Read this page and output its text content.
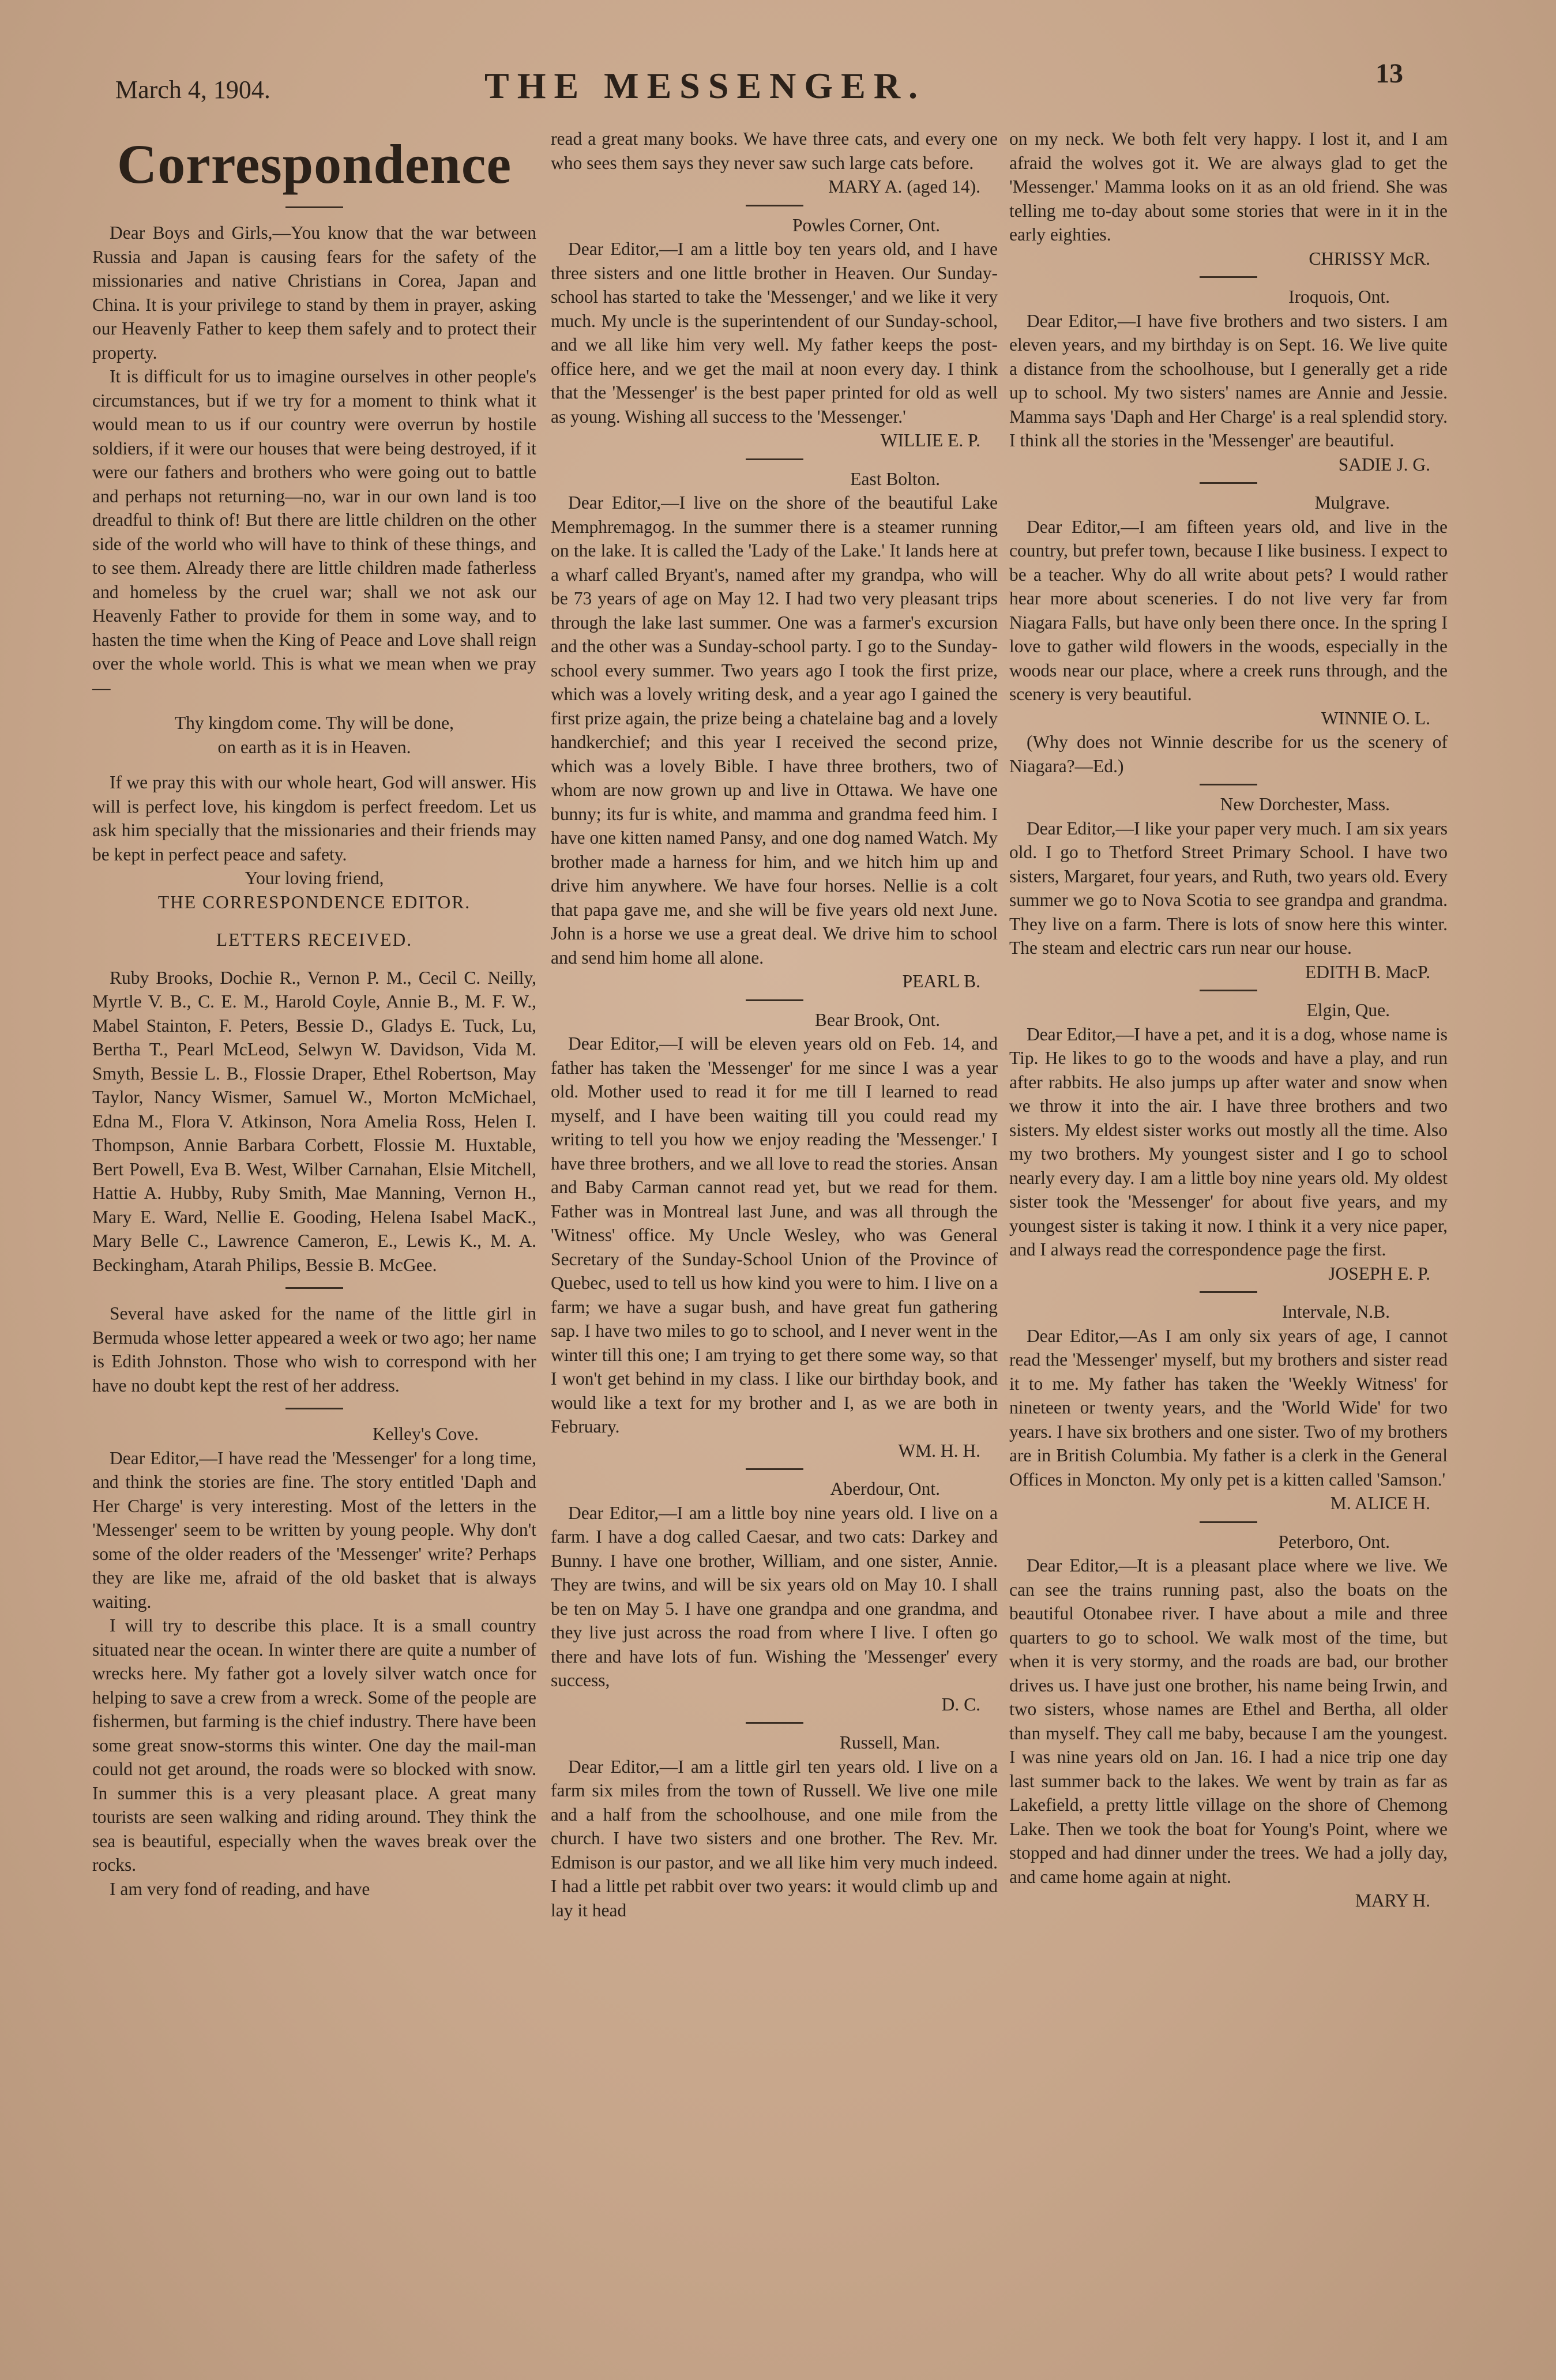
March 4, 1904.	THE MESSENGER.	13
Correspondence

Dear Boys and Girls,—You know that the war between Russia and Japan is causing fears for the safety of the missionaries and native Christians in Corea, Japan and China. It is your privilege to stand by them in prayer, asking our Heavenly Father to keep them safely and to protect their property.

It is difficult for us to imagine ourselves in other people's circumstances, but if we try for a moment to think what it would mean to us if our country were overrun by hostile soldiers, if it were our houses that were being destroyed, if it were our fathers and brothers who were going out to battle and perhaps not returning—no, war in our own land is too dreadful to think of! But there are little children on the other side of the world who will have to think of these things, and to see them. Already there are little children made fatherless and homeless by the cruel war; shall we not ask our Heavenly Father to provide for them in some way, and to hasten the time when the King of Peace and Love shall reign over the whole world. This is what we mean when we pray—

Thy kingdom come. Thy will be done,
on earth as it is in Heaven.

If we pray this with our whole heart, God will answer. His will is perfect love, his kingdom is perfect freedom. Let us ask him specially that the missionaries and their friends may be kept in perfect peace and safety.

Your loving friend,

THE CORRESPONDENCE EDITOR.

LETTERS RECEIVED.

Ruby Brooks, Dochie R., Vernon P. M., Cecil C. Neilly, Myrtle V. B., C. E. M., Harold Coyle, Annie B., M. F. W., Mabel Stainton, F. Peters, Bessie D., Gladys E. Tuck, Lu, Bertha T., Pearl McLeod, Selwyn W. Davidson, Vida M. Smyth, Bessie L. B., Flossie Draper, Ethel Robertson, May Taylor, Nancy Wismer, Samuel W., Morton McMichael, Edna M., Flora V. Atkinson, Nora Amelia Ross, Helen I. Thompson, Annie Barbara Corbett, Flossie M. Huxtable, Bert Powell, Eva B. West, Wilber Carnahan, Elsie Mitchell, Hattie A. Hubby, Ruby Smith, Mae Manning, Vernon H., Mary E. Ward, Nellie E. Gooding, Helena Isabel MacK., Mary Belle C., Lawrence Cameron, E., Lewis K., M. A. Beckingham, Atarah Philips, Bessie B. McGee.

Several have asked for the name of the little girl in Bermuda whose letter appeared a week or two ago; her name is Edith Johnston. Those who wish to correspond with her have no doubt kept the rest of her address.

Kelley's Cove.

Dear Editor,—I have read the 'Messenger' for a long time, and think the stories are fine. The story entitled 'Daph and Her Charge' is very interesting. Most of the letters in the 'Messenger' seem to be written by young people. Why don't some of the older readers of the 'Messenger' write? Perhaps they are like me, afraid of the old basket that is always waiting.

I will try to describe this place. It is a small country situated near the ocean. In winter there are quite a number of wrecks here. My father got a lovely silver watch once for helping to save a crew from a wreck. Some of the people are fishermen, but farming is the chief industry. There have been some great snow-storms this winter. One day the mail-man could not get around, the roads were so blocked with snow. In summer this is a very pleasant place. A great many tourists are seen walking and riding around. They think the sea is beautiful, especially when the waves break over the rocks.

I am very fond of reading, and have

read a great many books. We have three cats, and every one who sees them says they never saw such large cats before.

MARY A. (aged 14).

Powles Corner, Ont.

Dear Editor,—I am a little boy ten years old, and I have three sisters and one little brother in Heaven. Our Sunday-school has started to take the 'Messenger,' and we like it very much. My uncle is the superintendent of our Sunday-school, and we all like him very well. My father keeps the post-office here, and we get the mail at noon every day. I think that the 'Messenger' is the best paper printed for old as well as young. Wishing all success to the 'Messenger.'

WILLIE E. P.

East Bolton.

Dear Editor,—I live on the shore of the beautiful Lake Memphremagog. In the summer there is a steamer running on the lake. It is called the 'Lady of the Lake.' It lands here at a wharf called Bryant's, named after my grandpa, who will be 73 years of age on May 12. I had two very pleasant trips through the lake last summer. One was a farmer's excursion and the other was a Sunday-school party. I go to the Sunday-school every summer. Two years ago I took the first prize, which was a lovely writing desk, and a year ago I gained the first prize again, the prize being a chatelaine bag and a lovely handkerchief; and this year I received the second prize, which was a lovely Bible. I have three brothers, two of whom are now grown up and live in Ottawa. We have one bunny; its fur is white, and mamma and grandma feed him. I have one kitten named Pansy, and one dog named Watch. My brother made a harness for him, and we hitch him up and drive him anywhere. We have four horses. Nellie is a colt that papa gave me, and she will be five years old next June. John is a horse we use a great deal. We drive him to school and send him home all alone.

PEARL B.

Bear Brook, Ont.

Dear Editor,—I will be eleven years old on Feb. 14, and father has taken the 'Messenger' for me since I was a year old. Mother used to read it for me till I learned to read myself, and I have been waiting till you could read my writing to tell you how we enjoy reading the 'Messenger.' I have three brothers, and we all love to read the stories. Ansan and Baby Carman cannot read yet, but we read for them. Father was in Montreal last June, and was all through the 'Witness' office. My Uncle Wesley, who was General Secretary of the Sunday-School Union of the Province of Quebec, used to tell us how kind you were to him. I live on a farm; we have a sugar bush, and have great fun gathering sap. I have two miles to go to school, and I never went in the winter till this one; I am trying to get there some way, so that I won't get behind in my class. I like our birthday book, and would like a text for my brother and I, as we are both in February.

WM. H. H.

Aberdour, Ont.

Dear Editor,—I am a little boy nine years old. I live on a farm. I have a dog called Caesar, and two cats: Darkey and Bunny. I have one brother, William, and one sister, Annie. They are twins, and will be six years old on May 10. I shall be ten on May 5. I have one grandpa and one grandma, and they live just across the road from where I live. I often go there and have lots of fun. Wishing the 'Messenger' every success,

D. C.

Russell, Man.

Dear Editor,—I am a little girl ten years old. I live on a farm six miles from the town of Russell. We live one mile and a half from the schoolhouse, and one mile from the church. I have two sisters and one brother. The Rev. Mr. Edmison is our pastor, and we all like him very much indeed. I had a little pet rabbit over two years: it would climb up and lay it head

on my neck. We both felt very happy. I lost it, and I am afraid the wolves got it. We are always glad to get the 'Messenger.' Mamma looks on it as an old friend. She was telling me to-day about some stories that were in it in the early eighties.

CHRISSY McR.

Iroquois, Ont.

Dear Editor,—I have five brothers and two sisters. I am eleven years, and my birthday is on Sept. 16. We live quite a distance from the schoolhouse, but I generally get a ride up to school. My two sisters' names are Annie and Jessie. Mamma says 'Daph and Her Charge' is a real splendid story. I think all the stories in the 'Messenger' are beautiful.

SADIE J. G.

Mulgrave.

Dear Editor,—I am fifteen years old, and live in the country, but prefer town, because I like business. I expect to be a teacher. Why do all write about pets? I would rather hear more about sceneries. I do not live very far from Niagara Falls, but have only been there once. In the spring I love to gather wild flowers in the woods, especially in the woods near our place, where a creek runs through, and the scenery is very beautiful.

WINNIE O. L.

(Why does not Winnie describe for us the scenery of Niagara?—Ed.)

New Dorchester, Mass.

Dear Editor,—I like your paper very much. I am six years old. I go to Thetford Street Primary School. I have two sisters, Margaret, four years, and Ruth, two years old. Every summer we go to Nova Scotia to see grandpa and grandma. They live on a farm. There is lots of snow here this winter. The steam and electric cars run near our house.

EDITH B. MacP.

Elgin, Que.

Dear Editor,—I have a pet, and it is a dog, whose name is Tip. He likes to go to the woods and have a play, and run after rabbits. He also jumps up after water and snow when we throw it into the air. I have three brothers and two sisters. My eldest sister works out mostly all the time. Also my two brothers. My youngest sister and I go to school nearly every day. I am a little boy nine years old. My oldest sister took the 'Messenger' for about five years, and my youngest sister is taking it now. I think it a very nice paper, and I always read the correspondence page the first.

JOSEPH E. P.

Intervale, N.B.

Dear Editor,—As I am only six years of age, I cannot read the 'Messenger' myself, but my brothers and sister read it to me. My father has taken the 'Weekly Witness' for nineteen or twenty years, and the 'World Wide' for two years. I have six brothers and one sister. Two of my brothers are in British Columbia. My father is a clerk in the General Offices in Moncton. My only pet is a kitten called 'Samson.'

M. ALICE H.

Peterboro, Ont.

Dear Editor,—It is a pleasant place where we live. We can see the trains running past, also the boats on the beautiful Otonabee river. I have about a mile and three quarters to go to school. We walk most of the time, but when it is very stormy, and the roads are bad, our brother drives us. I have just one brother, his name being Irwin, and two sisters, whose names are Ethel and Bertha, all older than myself. They call me baby, because I am the youngest. I was nine years old on Jan. 16. I had a nice trip one day last summer back to the lakes. We went by train as far as Lakefield, a pretty little village on the shore of Chemong Lake. Then we took the boat for Young's Point, where we stopped and had dinner under the trees. We had a jolly day, and came home again at night.

MARY H.
